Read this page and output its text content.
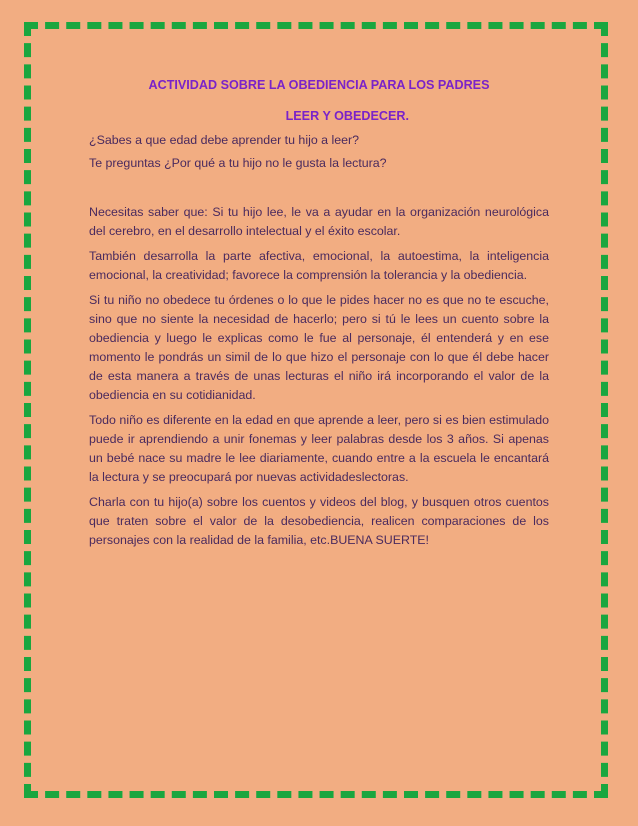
ACTIVIDAD SOBRE LA OBEDIENCIA PARA LOS PADRES
LEER Y OBEDECER.
¿Sabes a que edad debe aprender tu hijo a leer?
Te preguntas ¿Por qué a tu hijo no le gusta la lectura?

Necesitas saber que: Si tu hijo lee, le va a ayudar en la organización neurológica del cerebro, en el desarrollo intelectual y el éxito escolar.

También desarrolla la parte afectiva, emocional, la autoestima, la inteligencia emocional, la creatividad; favorece la comprensión la tolerancia y la obediencia.

Si tu niño no obedece tu órdenes o lo que le pides hacer no es que no te escuche, sino que no siente la necesidad de hacerlo; pero si tú le lees un cuento sobre la obediencia y luego le explicas como le fue al personaje, él entenderá y en ese momento le pondrás un simil de lo que hizo el personaje con lo que él debe hacer de esta manera a través de unas lecturas el niño irá incorporando el valor de la obediencia en su cotidianidad.

Todo niño es diferente en la edad en que aprende a leer, pero si es bien estimulado puede ir aprendiendo a unir fonemas y leer palabras desde los 3 años. Si apenas un bebé nace su madre le lee diariamente, cuando entre a la escuela le encantará la lectura y se preocupará por nuevas actividadeslectoras.

Charla con tu hijo(a) sobre los cuentos y videos del blog, y busquen otros cuentos que traten sobre el valor de la desobediencia, realicen comparaciones de los personajes con la realidad de la familia, etc.BUENA SUERTE!
